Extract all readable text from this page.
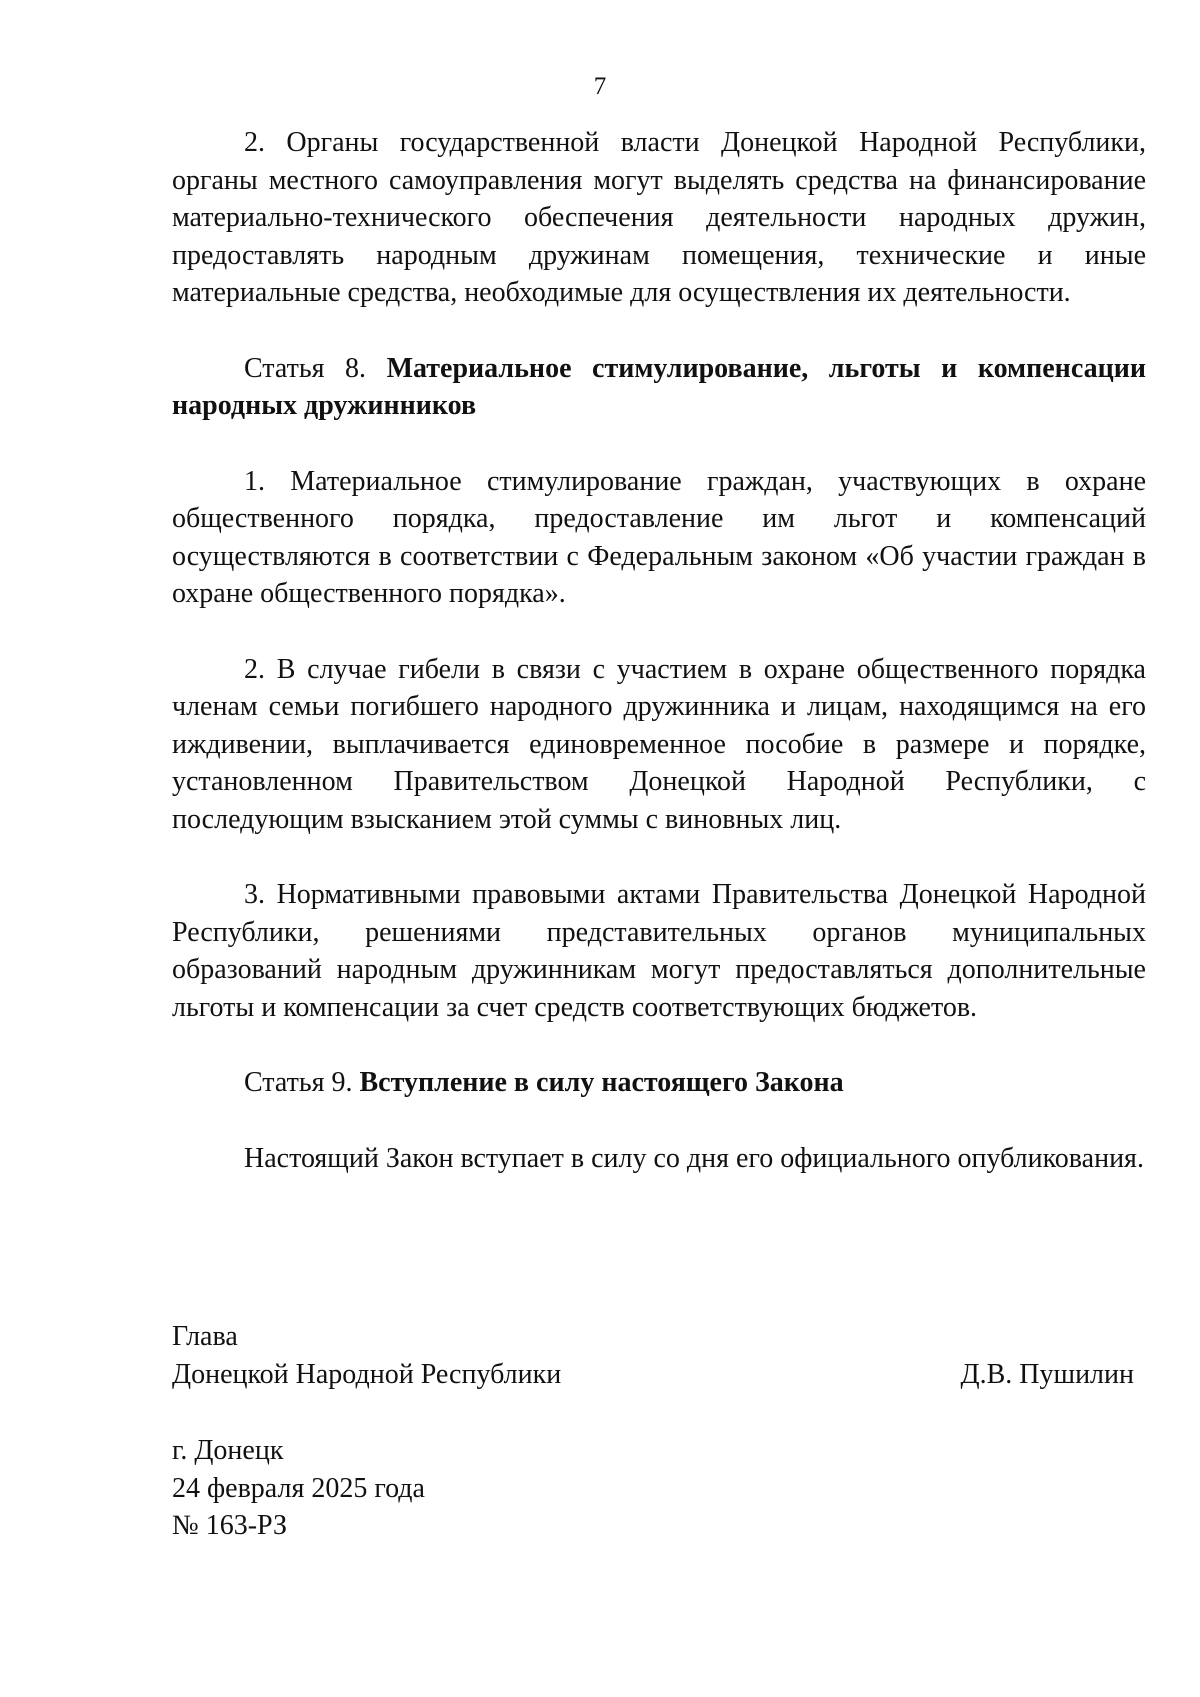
7

2. Органы государственной власти Донецкой Народной Республики, органы местного самоуправления могут выделять средства на финансирование материально-технического обеспечения деятельности народных дружин, предоставлять народным дружинам помещения, технические и иные материальные средства, необходимые для осуществления их деятельности.

Статья 8. Материальное стимулирование, льготы и компенсации народных дружинников

1. Материальное стимулирование граждан, участвующих в охране общественного порядка, предоставление им льгот и компенсаций осуществляются в соответствии с Федеральным законом «Об участии граждан в охране общественного порядка».

2. В случае гибели в связи с участием в охране общественного порядка членам семьи погибшего народного дружинника и лицам, находящимся на его иждивении, выплачивается единовременное пособие в размере и порядке, установленном Правительством Донецкой Народной Республики, с последующим взысканием этой суммы с виновных лиц.

3. Нормативными правовыми актами Правительства Донецкой Народной Республики, решениями представительных органов муниципальных образований народным дружинникам могут предоставляться дополнительные льготы и компенсации за счет средств соответствующих бюджетов.

Статья 9. Вступление в силу настоящего Закона

Настоящий Закон вступает в силу со дня его официального опубликования.

Глава
Донецкой Народной Республики	Д.В. Пушилин
г. Донецк
24 февраля 2025 года
№ 163-РЗ
